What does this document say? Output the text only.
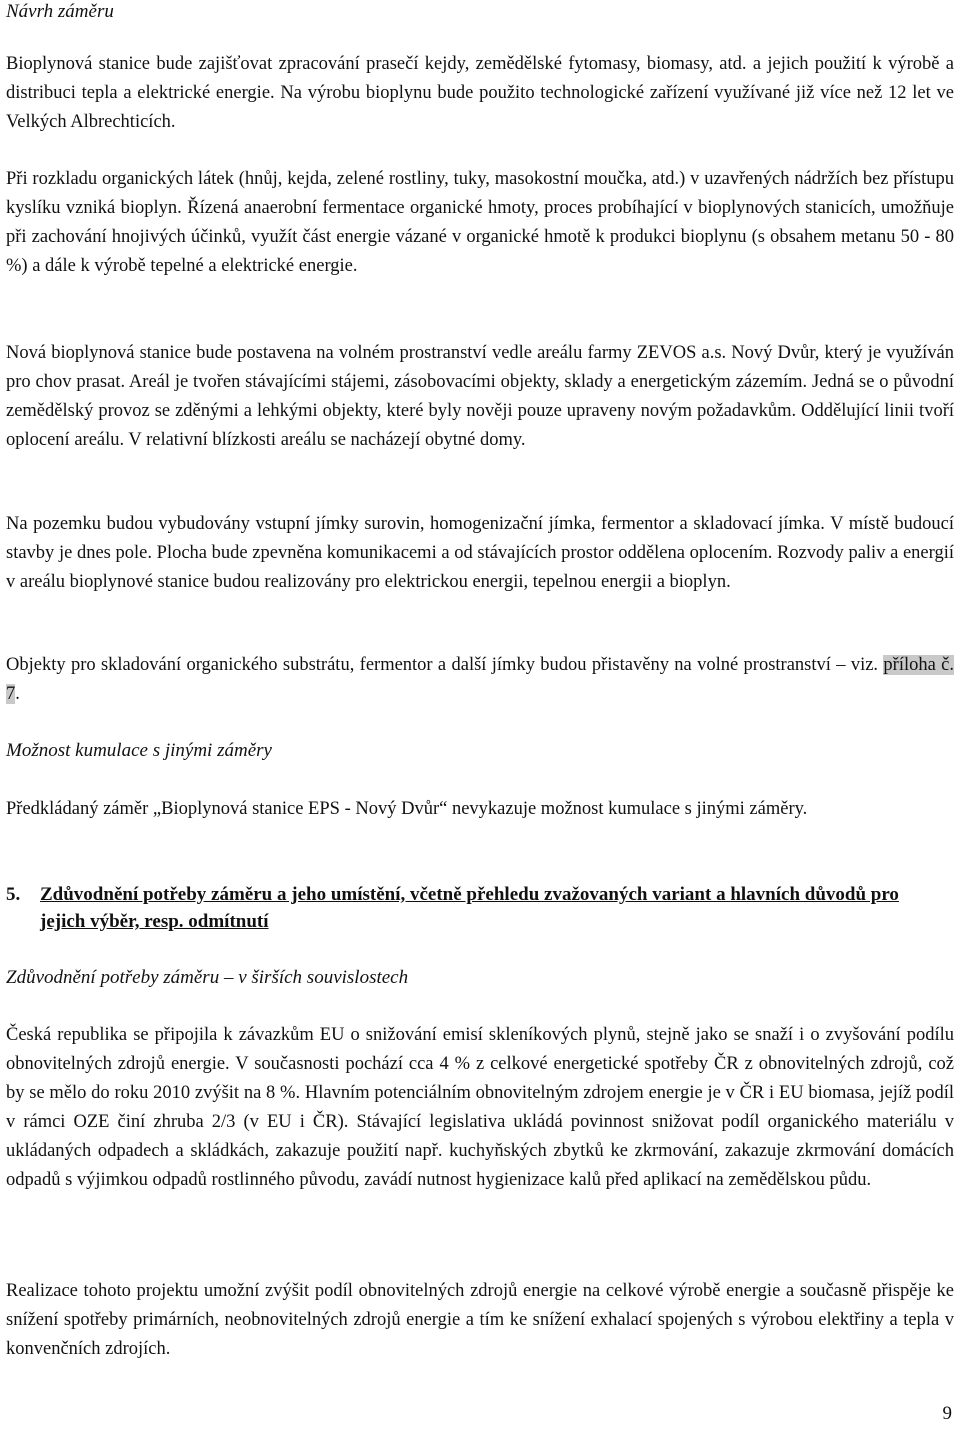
Návrh záměru

Bioplynová stanice bude zajišťovat zpracování prasečí kejdy, zemědělské fytomasy, biomasy, atd. a jejich použití k výrobě a distribuci tepla a elektrické energie. Na výrobu bioplynu bude použito technologické zařízení využívané již více než 12 let ve Velkých Albrechticích.

Při rozkladu organických látek (hnůj, kejda, zelené rostliny, tuky, masokostní moučka, atd.) v uzavřených nádržích bez přístupu kyslíku vzniká bioplyn. Řízená anaerobní fermentace organické hmoty, proces probíhající v bioplynových stanicích, umožňuje při zachování hnojivých účinků, využít část energie vázané v organické hmotě k produkci bioplynu (s obsahem metanu 50 - 80 %) a dále k výrobě tepelné a elektrické energie.

Nová bioplynová stanice bude postavena na volném prostranství vedle areálu farmy ZEVOS a.s. Nový Dvůr, který je využíván pro chov prasat. Areál je tvořen stávajícími stájemi, zásobovacími objekty, sklady a energetickým zázemím. Jedná se o původní zemědělský provoz se zděnými a lehkými objekty, které byly nověji pouze upraveny novým požadavkům. Oddělující linii tvoří oplocení areálu. V relativní blízkosti areálu se nacházejí obytné domy.

Na pozemku budou vybudovány vstupní jímky surovin, homogenizační jímka, fermentor a skladovací jímka. V místě budoucí stavby je dnes pole. Plocha bude zpevněna komunikacemi a od stávajících prostor oddělena oplocením. Rozvody paliv a energií v areálu bioplynové stanice budou realizovány pro elektrickou energii, tepelnou energii a bioplyn.

Objekty pro skladování organického substrátu, fermentor a další jímky budou přistavěny na volné prostranství – viz. příloha č. 7.

Možnost kumulace s jinými záměry

Předkládaný záměr „Bioplynová stanice EPS - Nový Dvůr“ nevykazuje možnost kumulace s jinými záměry.

5. Zdůvodnění potřeby záměru a jeho umístění, včetně přehledu zvažovaných variant a hlavních důvodů pro jejich výběr, resp. odmítnutí

Zdůvodnění potřeby záměru – v širších souvislostech

Česká republika se připojila k závazkům EU o snižování emisí skleníkových plynů, stejně jako se snaží i o zvyšování podílu obnovitelných zdrojů energie. V současnosti pochází cca 4 % z celkové energetické spotřeby ČR z obnovitelných zdrojů, což by se mělo do roku 2010 zvýšit na 8 %. Hlavním potenciálním obnovitelným zdrojem energie je v ČR i EU biomasa, jejíž podíl v rámci OZE činí zhruba 2/3 (v EU i ČR). Stávající legislativa ukládá povinnost snižovat podíl organického materiálu v ukládaných odpadech a skládkách, zakazuje použití např. kuchyňských zbytků ke zkrmování, zakazuje zkrmování domácích odpadů s výjimkou odpadů rostlinného původu, zavádí nutnost hygienizace kalů před aplikací na zemědělskou půdu.

Realizace tohoto projektu umožní zvýšit podíl obnovitelných zdrojů energie na celkové výrobě energie a současně přispěje ke snížení spotřeby primárních, neobnovitelných zdrojů energie a tím ke snížení exhalací spojených s výrobou elektřiny a tepla v konvenčních zdrojích.

9
